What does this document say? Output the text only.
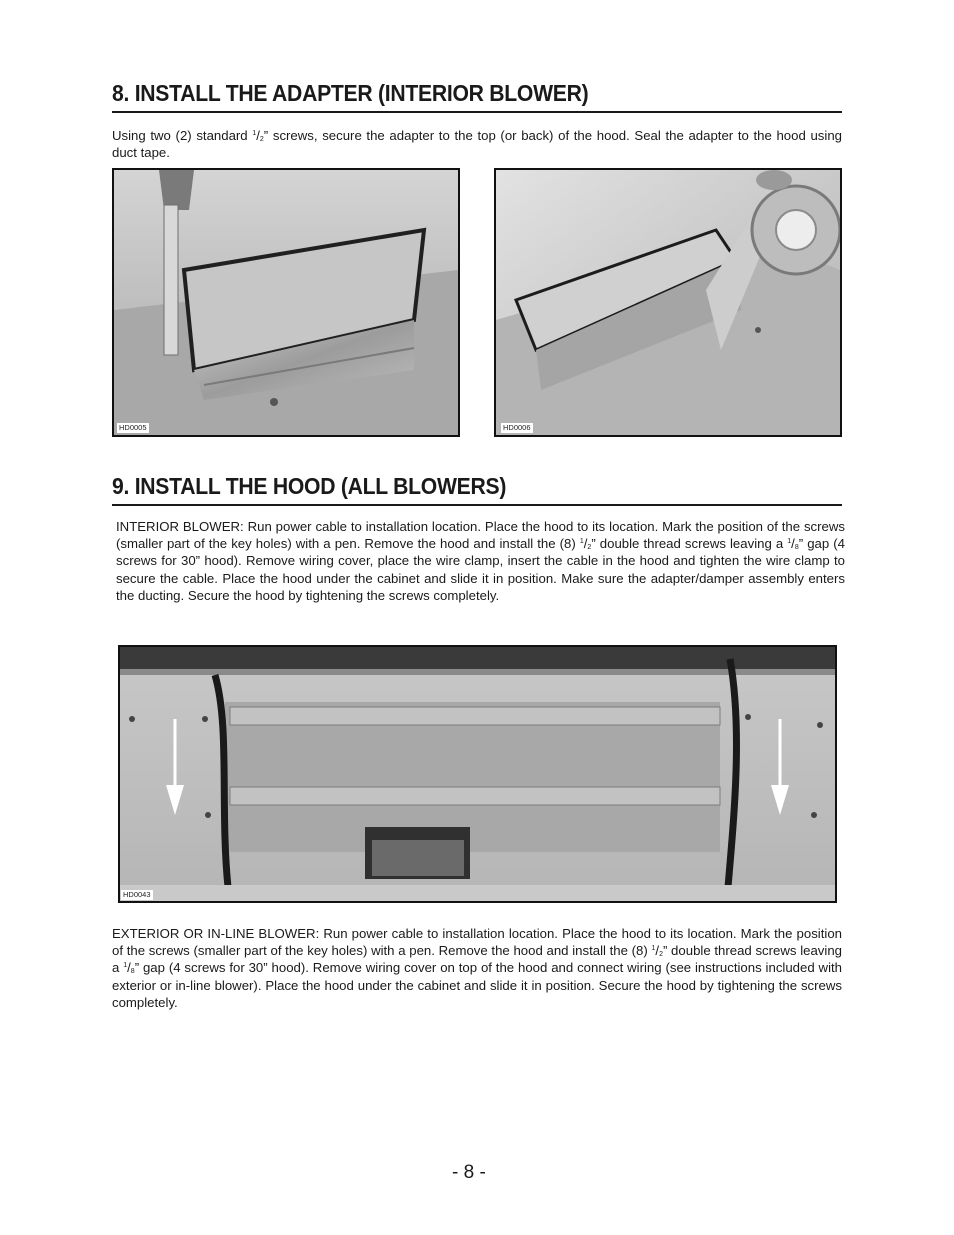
8. INSTALL THE ADAPTER (INTERIOR BLOWER)

Using two (2) standard $^1/_2$” screws, secure the adapter to the top (or back) of the hood. Seal the adapter to the hood using duct tape.

HD0005	HD0006
9. INSTALL THE HOOD (ALL BLOWERS)

INTERIOR BLOWER: Run power cable to installation location. Place the hood to its location. Mark the position of the screws (smaller part of the key holes) with a pen. Remove the hood and install the (8) $^1/_2$” double thread screws leaving a $^1/_8$” gap (4 screws for 30” hood). Remove wiring cover, place the wire clamp, insert the cable in the hood and tighten the wire clamp to secure the cable. Place the hood under the cabinet and slide it in position. Make sure the adapter/damper assembly enters the ducting. Secure the hood by tightening the screws completely.

HD0043

EXTERIOR OR IN-LINE BLOWER: Run power cable to installation location. Place the hood to its location. Mark the position of the screws (smaller part of the key holes) with a pen. Remove the hood and install the (8) $^1/_2$” double thread screws leaving a $^1/_8$” gap (4 screws for 30” hood). Remove wiring cover on top of the hood and connect wiring (see instructions included with exterior or in-line blower). Place the hood under the cabinet and slide it in position. Secure the hood by tightening the screws completely.

- 8 -
